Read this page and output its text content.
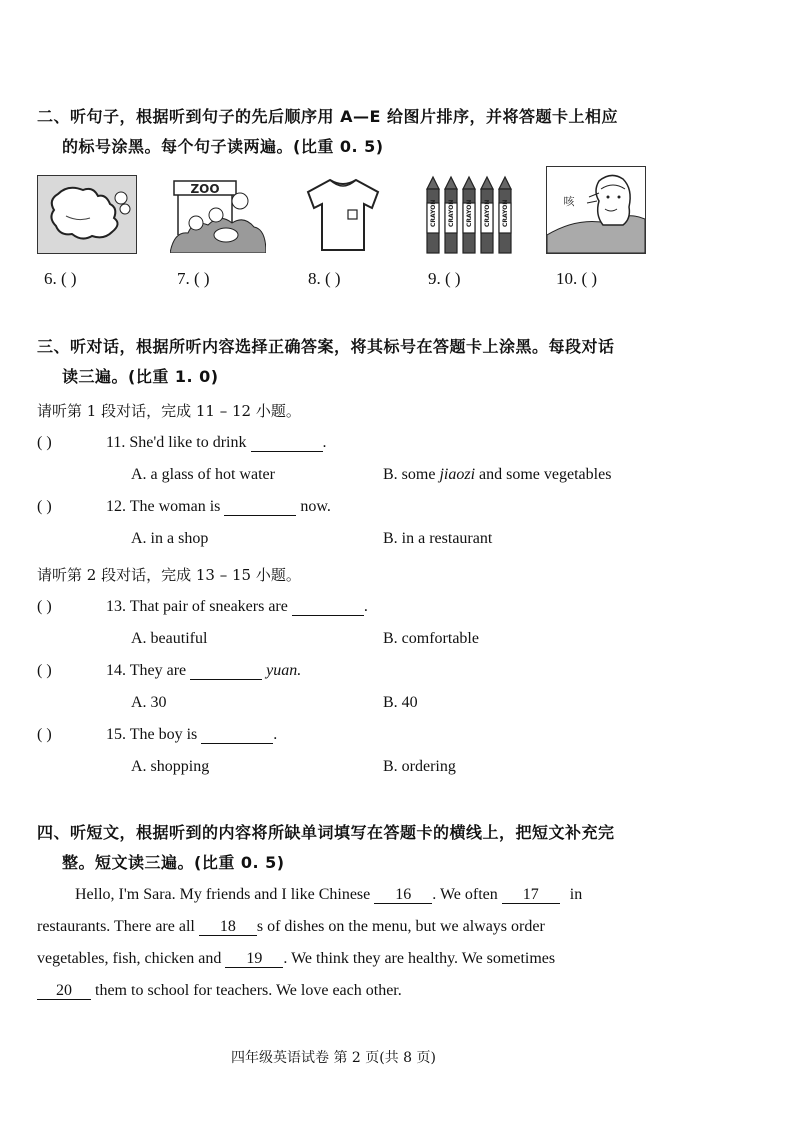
二、听句子，根据听到句子的先后顺序用 A—E 给图片排序，并将答题卡上相应
的标号涂黑。每个句子读两遍。(比重 0. 5)
ZOO
CRAYON CRAYON CRAYON CRAYON CRAYON	咳
6. ( )	7. ( )	8. ( )	9. ( )	10. ( )
三、听对话，根据所听内容选择正确答案，将其标号在答题卡上涂黑。每段对话
读三遍。(比重 1. 0)
请听第 1 段对话，完成 11 – 12 小题。
( )	11. She'd like to drink	.
A. a glass of hot water	B. some jiaozi and some vegetables
( )	12. The woman is	now.
A. in a shop	B. in a restaurant
请听第 2 段对话，完成 13 – 15 小题。
( )	13. That pair of sneakers are	.
A. beautiful	B. comfortable
( )	14. They are	yuan.
A. 30	B. 40
( )	15. The boy is	.
A. shopping	B. ordering
四、听短文，根据听到的内容将所缺单词填写在答题卡的横线上，把短文补充完
整。短文读三遍。(比重 0. 5)
Hello, I'm Sara. My friends and I like Chinese 16 . We often 17 in
restaurants. There are all 18 s of dishes on the menu, but we always order
vegetables, fish, chicken and 19 . We think they are healthy. We sometimes
20 them to school for teachers. We love each other.
四年级英语试卷 第 2 页(共 8 页)
